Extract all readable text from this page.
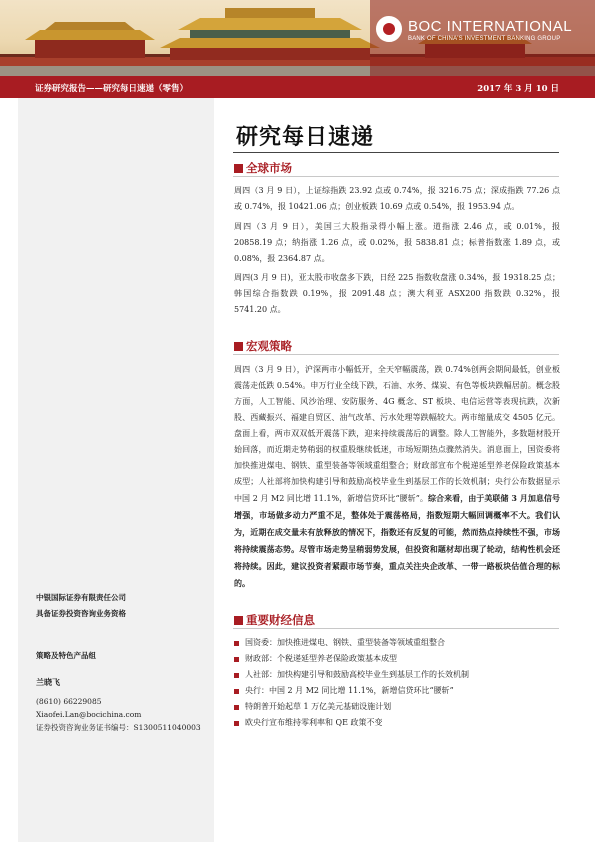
BOC INTERNATIONAL
BANK OF CHINA'S INVESTMENT BANKING GROUP
证券研究报告——研究每日速递（零售）	2017 年 3 月 10 日
中银国际证券有限责任公司
具备证券投资咨询业务资格
策略及特色产品组
兰晓飞
(8610) 66229085
Xiaofei.Lan@bocichina.com
证券投资咨询业务证书编号：S1300511040003
研究每日速递
全球市场
周四（3 月 9 日），上证综指跌 23.92 点或 0.74%，报 3216.75 点；深成指跌 77.26 点或 0.74%，报 10421.06 点；创业板跌 10.69 点或 0.54%，报 1953.94 点。
周四（3 月 9 日），美国三大股指录得小幅上涨。道指涨 2.46 点，或 0.01%，报 20858.19 点；纳指涨 1.26 点，或 0.02%，报 5838.81 点；标普指数涨 1.89 点，或 0.08%，报 2364.87 点。
周四(3 月 9 日)，亚太股市收盘多下跌，日经 225 指数收盘涨 0.34%，报 19318.25 点；韩国综合指数跌 0.19%，报 2091.48 点；澳大利亚 ASX200 指数跌 0.32%，报 5741.20 点。
宏观策略
周四（3 月 9 日），沪深两市小幅低开，全天窄幅震荡，跌 0.74%创两会期间最低，创业板震荡走低跌 0.54%。申万行业全线下跌，石油、水务、煤炭、有色等板块跌幅居前。概念股方面，人工智能、风沙治理、安防服务、4G 概念、ST 板块、电信运营等表现抗跌，次新股、西藏振兴、福建自贸区、油气改革、污水处理等跌幅较大。两市缩量成交 4505 亿元。盘面上看，两市双双低开震荡下跌，迎来持续震荡后的调整。除人工智能外，多数题材股开始回落，而近期走势稍弱的权重股继续低迷，市场短期热点骤然消失。消息面上，国资委将加快推进煤电、钢铁、重型装备等领域重组整合；财政部宣布个税递延型养老保险政策基本成型；人社部将加快构建引导和鼓励高校毕业生到基层工作的长效机制；央行公布数据显示中国 2 月 M2 同比增 11.1%，新增信贷环比“腰斩”。综合来看，由于美联储 3 月加息信号增强，市场做多动力严重不足，整体处于震荡格局，指数短期大幅回调概率不大。我们认为，近期在成交量未有放释放的情况下，指数还有反复的可能，然而热点持续性不强，市场将持续震荡态势。尽管市场走势呈稍弱势发展，但投资和题材却出现了轮动，结构性机会还将持续。因此，建议投资者紧跟市场节奏，重点关注央企改革、一带一路板块估值合理的标的。
重要财经信息
国资委：加快推进煤电、钢铁、重型装备等领域重组整合
财政部：个税递延型养老保险政策基本成型
人社部：加快构建引导和鼓励高校毕业生到基层工作的长效机制
央行：中国 2 月 M2 同比增 11.1%，新增信贷环比“腰斩”
特朗普开始起草 1 万亿美元基础设施计划
欧央行宣布维持零利率和 QE 政策不变
